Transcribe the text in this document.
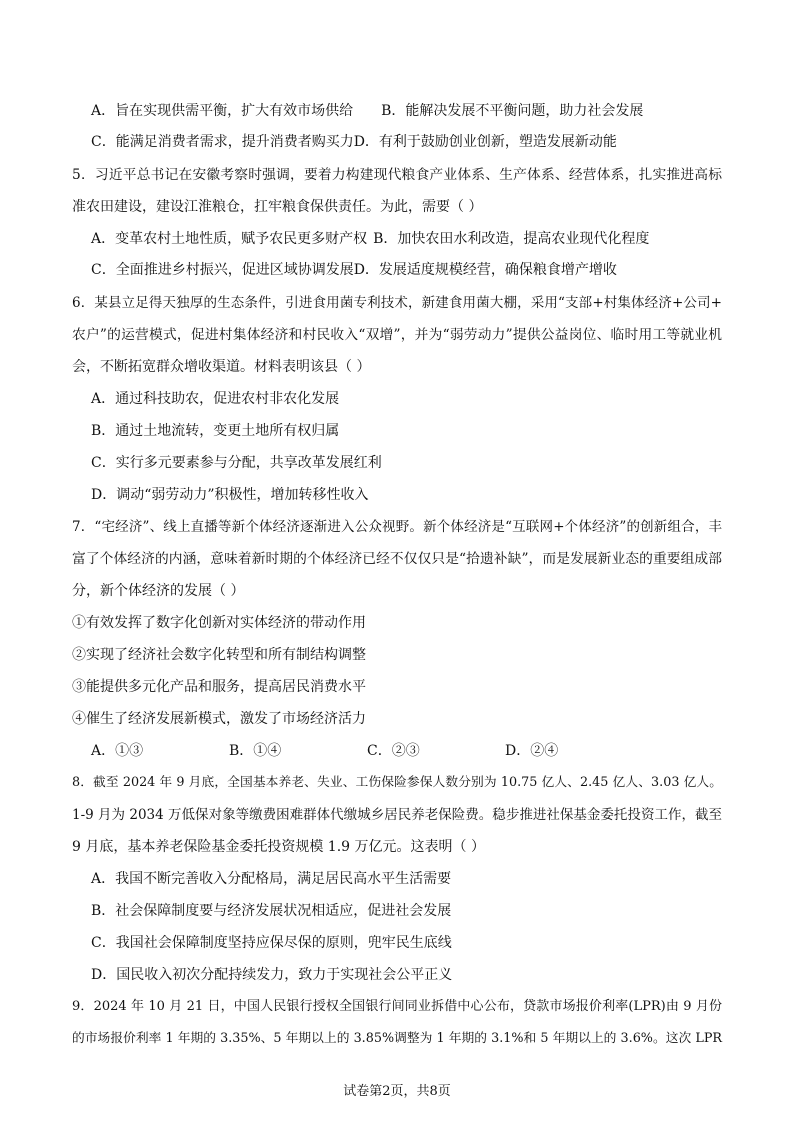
A．旨在实现供需平衡，扩大有效市场供给 B．能解决发展不平衡问题，助力社会发展
C．能满足消费者需求，提升消费者购买力D．有利于鼓励创业创新，塑造发展新动能
5．习近平总书记在安徽考察时强调，要着力构建现代粮食产业体系、生产体系、经营体系，扎实推进高标
准农田建设，建设江淮粮仓，扛牢粮食保供责任。为此，需要（ ）
A．变革农村土地性质，赋予农民更多财产权 B．加快农田水利改造，提高农业现代化程度
C．全面推进乡村振兴，促进区域协调发展D．发展适度规模经营，确保粮食增产增收
6．某县立足得天独厚的生态条件，引进食用菌专利技术，新建食用菌大棚，采用“支部+村集体经济+公司+
农户”的运营模式，促进村集体经济和村民收入“双增”，并为“弱劳动力”提供公益岗位、临时用工等就业机
会，不断拓宽群众增收渠道。材料表明该县（ ）
A．通过科技助农，促进农村非农化发展
B．通过土地流转，变更土地所有权归属
C．实行多元要素参与分配，共享改革发展红利
D．调动“弱劳动力”积极性，增加转移性收入
7．“宅经济”、线上直播等新个体经济逐渐进入公众视野。新个体经济是“互联网+个体经济”的创新组合，丰
富了个体经济的内涵，意味着新时期的个体经济已经不仅仅只是“拾遗补缺”，而是发展新业态的重要组成部
分，新个体经济的发展（ ）
①有效发挥了数字化创新对实体经济的带动作用
②实现了经济社会数字化转型和所有制结构调整
③能提供多元化产品和服务，提高居民消费水平
④催生了经济发展新模式，激发了市场经济活力
A．①③	B．①④	C．②③	D．②④
8．截至 2024 年 9 月底，全国基本养老、失业、工伤保险参保人数分别为 10.75 亿人、2.45 亿人、3.03 亿人。
1-9 月为 2034 万低保对象等缴费困难群体代缴城乡居民养老保险费。稳步推进社保基金委托投资工作，截至
9 月底，基本养老保险基金委托投资规模 1.9 万亿元。这表明（ ）
A．我国不断完善收入分配格局，满足居民高水平生活需要
B．社会保障制度要与经济发展状况相适应，促进社会发展
C．我国社会保障制度坚持应保尽保的原则，兜牢民生底线
D．国民收入初次分配持续发力，致力于实现社会公平正义
9．2024 年 10 月 21 日，中国人民银行授权全国银行间同业拆借中心公布，贷款市场报价利率(LPR)由 9 月份
的市场报价利率 1 年期的 3.35%、5 年期以上的 3.85%调整为 1 年期的 3.1%和 5 年期以上的 3.6%。这次 LPR
试卷第2页，共8页
